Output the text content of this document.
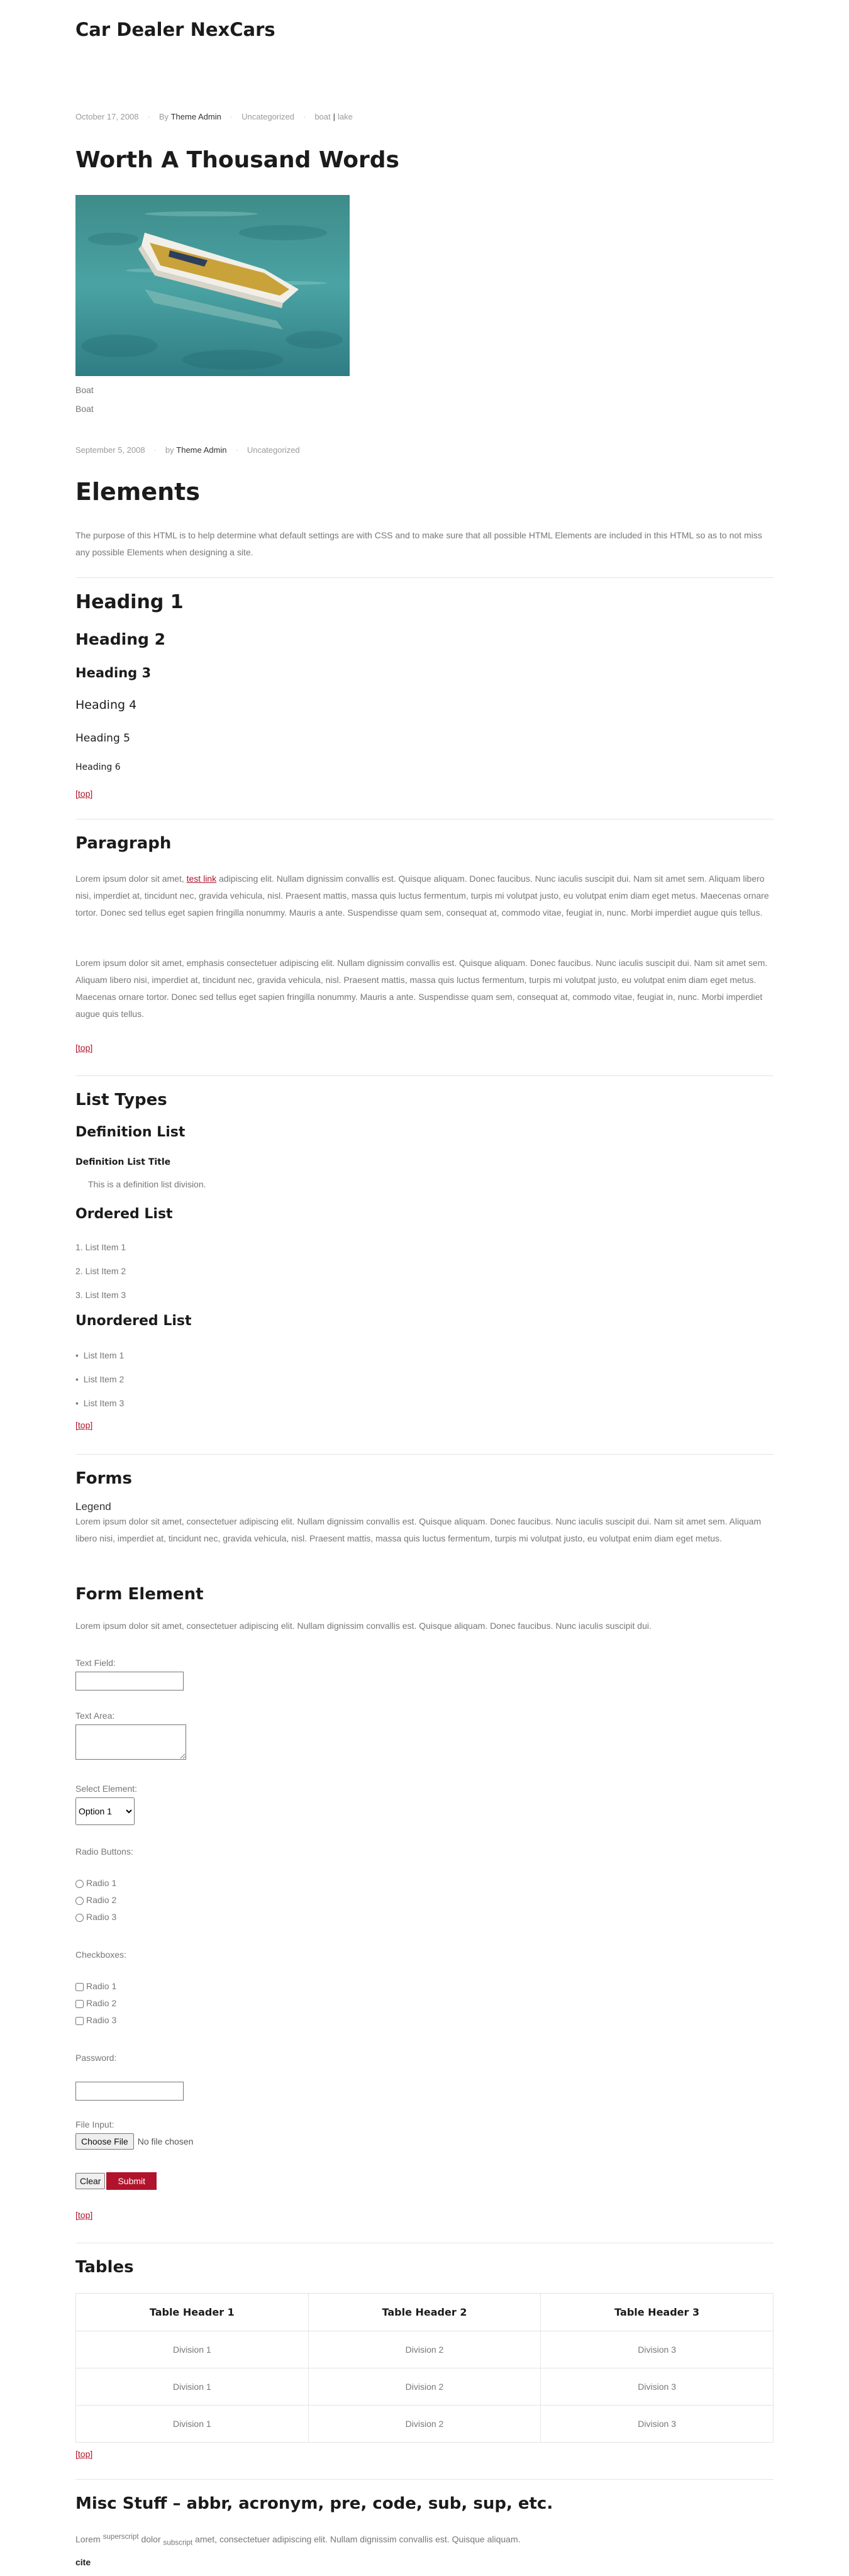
Car Dealer NexCars
October 17, 2008 · By
Theme Admin · Uncategorized · boat | lake
Worth A Thousand Words
Boat
Boat
September 5, 2008 · by
Theme Admin · Uncategorized
Elements

The purpose of this HTML is to help determine what default settings are with CSS and to make sure that all possible HTML Elements are included in this HTML so as to not miss any possible Elements when designing a site.

Heading 1
Heading 2
Heading 3
Heading 4
Heading 5
Heading 6
[top]
Paragraph

Lorem ipsum dolor sit amet, test link adipiscing elit. Nullam dignissim convallis est. Quisque aliquam. Donec faucibus. Nunc iaculis suscipit dui. Nam sit amet sem. Aliquam libero nisi, imperdiet at, tincidunt nec, gravida vehicula, nisl. Praesent mattis, massa quis luctus fermentum, turpis mi volutpat justo, eu volutpat enim diam eget metus. Maecenas ornare tortor. Donec sed tellus eget sapien fringilla nonummy. Mauris a ante. Suspendisse quam sem, consequat at, commodo vitae, feugiat in, nunc. Morbi imperdiet augue quis tellus.

Lorem ipsum dolor sit amet, emphasis consectetuer adipiscing elit. Nullam dignissim convallis est. Quisque aliquam. Donec faucibus. Nunc iaculis suscipit dui. Nam sit amet sem. Aliquam libero nisi, imperdiet at, tincidunt nec, gravida vehicula, nisl. Praesent mattis, massa quis luctus fermentum, turpis mi volutpat justo, eu volutpat enim diam eget metus. Maecenas ornare tortor. Donec sed tellus eget sapien fringilla nonummy. Mauris a ante. Suspendisse quam sem, consequat at, commodo vitae, feugiat in, nunc. Morbi imperdiet augue quis tellus.

[top]
List Types
Definition List
Definition List Title
This is a definition list division.
Ordered List
1. List Item 1
2. List Item 2
3. List Item 3
Unordered List
•  List Item 1
•  List Item 2
•  List Item 3
[top]
Forms
Legend

Lorem ipsum dolor sit amet, consectetuer adipiscing elit. Nullam dignissim convallis est. Quisque aliquam. Donec faucibus. Nunc iaculis suscipit dui. Nam sit amet sem. Aliquam libero nisi, imperdiet at, tincidunt nec, gravida vehicula, nisl. Praesent mattis, massa quis luctus fermentum, turpis mi volutpat justo, eu volutpat enim diam eget metus.

Form Element

Lorem ipsum dolor sit amet, consectetuer adipiscing elit. Nullam dignissim convallis est. Quisque aliquam. Donec faucibus. Nunc iaculis suscipit dui.

Text Field:
Text Area:
Select Element:
Option 1
Radio Buttons:
Radio 1
Radio 2
Radio 3
Checkboxes:
Radio 1
Radio 2
Radio 3
Password:
File Input:
Choose File	No file chosen
Clear	Submit
[top]
Tables
Table Header 1	Table Header 2	Table Header 3
Division 1	Division 2	Division 3
Division 1	Division 2	Division 3
Division 1	Division 2	Division 3
[top]
Misc Stuff – abbr, acronym, pre, code, sub, sup, etc.

Lorem $^{superscript}$ dolor $_{subscript}$ amet, consectetuer adipiscing elit. Nullam dignissim convallis est. Quisque aliquam.

cite
